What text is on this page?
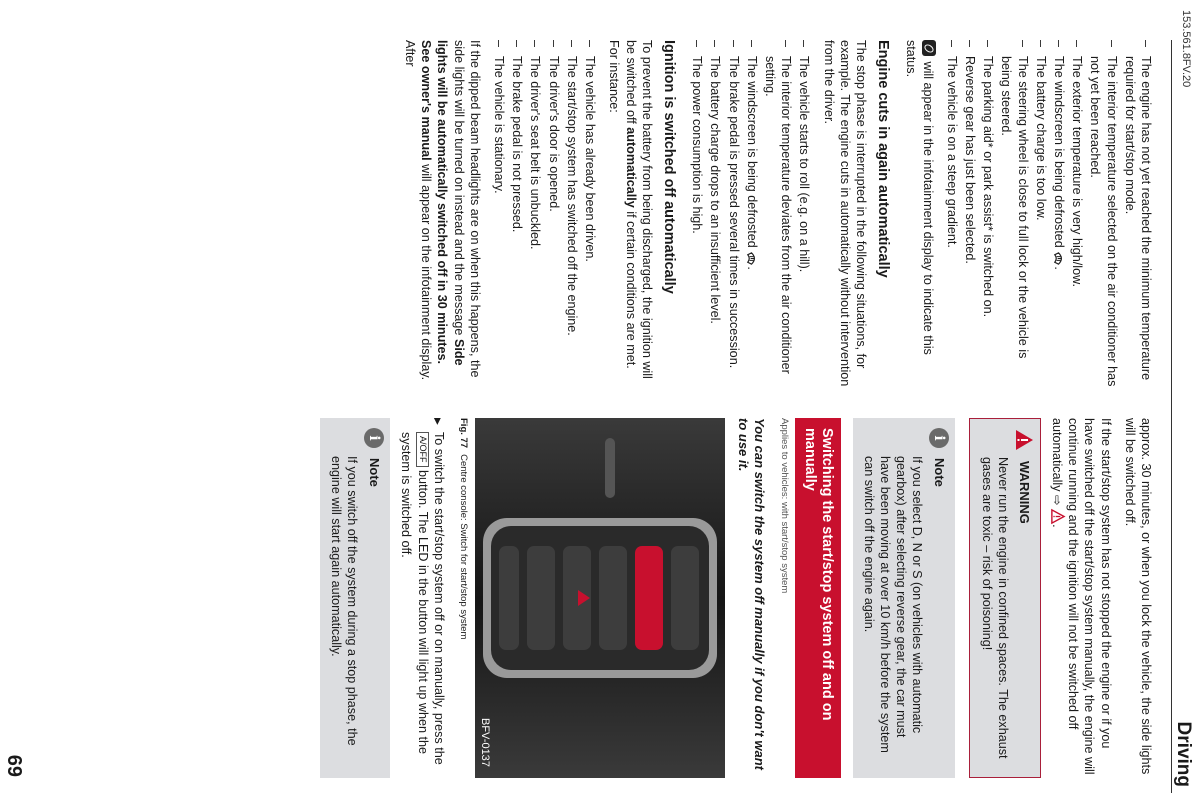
153.561.8FV.20
Driving
69
– The engine has not yet reached the minimum temperature required for start/stop mode.
– The interior temperature selected on the air conditioner has not yet been reached.
– The exterior temperature is very high/low.
– The windscreen is being defrosted .
– The battery charge is too low.
– The steering wheel is close to full lock or the vehicle is being steered.
– The parking aid* or park assist* is switched on.
– Reverse gear has just been selected.
– The vehicle is on a steep gradient.

will appear in the infotainment display to indicate this status.

Engine cuts in again automatically

The stop phase is interrupted in the following situations, for example. The engine cuts in automatically without intervention from the driver.

– The vehicle starts to roll (e.g. on a hill).
– The interior temperature deviates from the air conditioner setting.
– The windscreen is being defrosted .
– The brake pedal is pressed several times in succession.
– The battery charge drops to an insufficient level.
– The power consumption is high.
Ignition is switched off automatically

To prevent the battery from being discharged, the ignition will be switched off automatically if certain conditions are met. For instance:

– The vehicle has already been driven.
– The start/stop system has switched off the engine.
– The driver's door is opened.
– The driver's seat belt is unbuckled.
– The brake pedal is not pressed.
– The vehicle is stationary.

If the dipped beam headlights are on when this happens, the side lights will be turned on instead and the message Side lights will be automatically switched off in 30 minutes. See owner's manual will appear on the infotainment display. After

approx. 30 minutes, or when you lock the vehicle, the side lights will be switched off.

If the start/stop system has not stopped the engine or if you have switched off the start/stop system manually, the engine will continue running and the ignition will not be switched off automatically ⇨ .

WARNING
Never run the engine in confined spaces. The exhaust gases are toxic – risk of poisoning!
i
Note
If you select D, N or S (on vehicles with automatic gearbox) after selecting reverse gear, the car must have been moving at over 10 km/h before the system can switch off the engine again.
Switching the start/stop system off and on manually
Applies to vehicles: with start/stop system
You can switch the system off manually if you don't want to use it.
BFV-0137
Fig. 77Centre console: Switch for start/stop system

▶ To switch the start/stop system off or on manually, press the A/OFF button. The LED in the button will light up when the system is switched off.

i
Note
If you switch off the system during a stop phase, the engine will start again automatically.
